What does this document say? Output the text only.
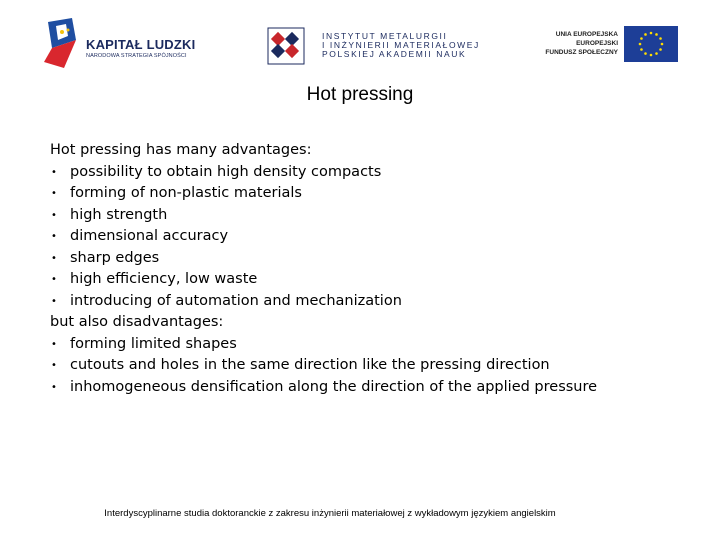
KAPITAŁ LUDZKI
NARODOWA STRATEGIA SPÓJNOŚCI
INSTYTUT METALURGII
I INŻYNIERII MATERIAŁOWEJ
POLSKIEJ AKADEMII NAUK
UNIA EUROPEJSKA
EUROPEJSKI
FUNDUSZ SPOŁECZNY
Hot pressing

Hot pressing has many advantages:

• possibility to obtain high density compacts
• forming of non-plastic materials
• high strength
• dimensional accuracy
• sharp edges
• high efficiency, low waste
• introducing of automation and mechanization

but also disadvantages:

• forming limited shapes
• cutouts and holes in the same direction like the pressing direction
• inhomogeneous densification along the direction of the applied pressure
Interdyscyplinarne studia doktoranckie z zakresu inżynierii materiałowej z wykładowym językiem angielskim
